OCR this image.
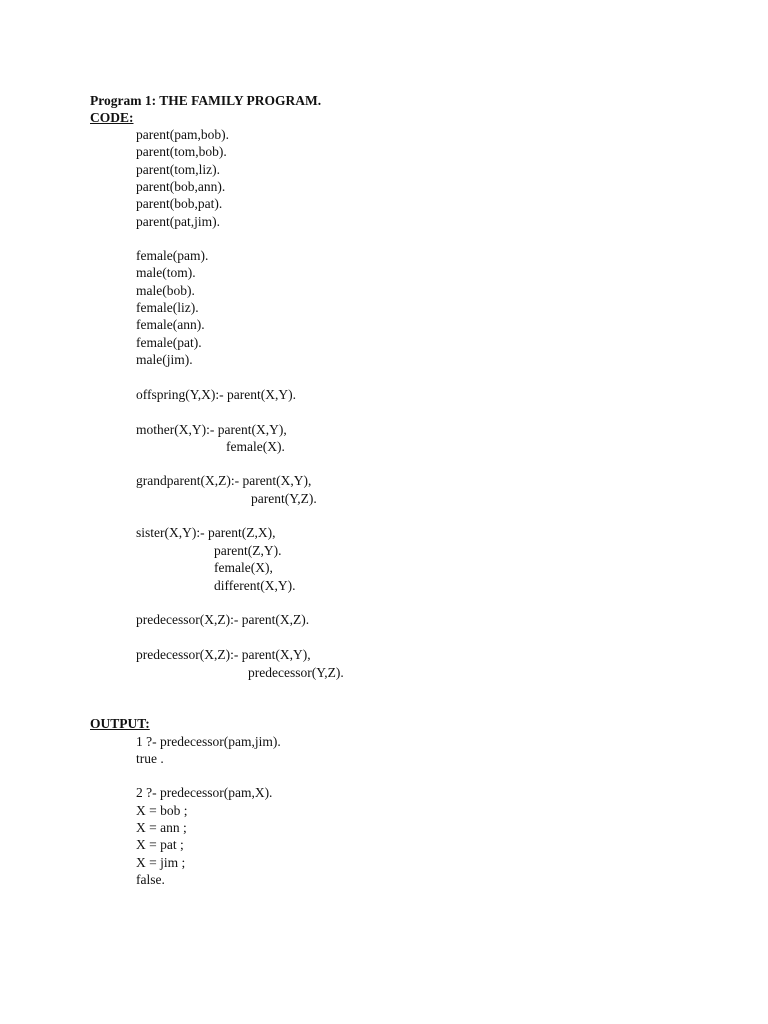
Program 1: THE FAMILY PROGRAM.
CODE:
parent(pam,bob).
parent(tom,bob).
parent(tom,liz).
parent(bob,ann).
parent(bob,pat).
parent(pat,jim).
female(pam).
male(tom).
male(bob).
female(liz).
female(ann).
female(pat).
male(jim).
offspring(Y,X):- parent(X,Y).
mother(X,Y):- parent(X,Y),
female(X).
grandparent(X,Z):- parent(X,Y),
parent(Y,Z).
sister(X,Y):- parent(Z,X),
parent(Z,Y).
female(X),
different(X,Y).
predecessor(X,Z):- parent(X,Z).
predecessor(X,Z):- parent(X,Y),
predecessor(Y,Z).
OUTPUT:
1 ?- predecessor(pam,jim).
true .
2 ?- predecessor(pam,X).
X = bob ;
X = ann ;
X = pat ;
X = jim ;
false.
